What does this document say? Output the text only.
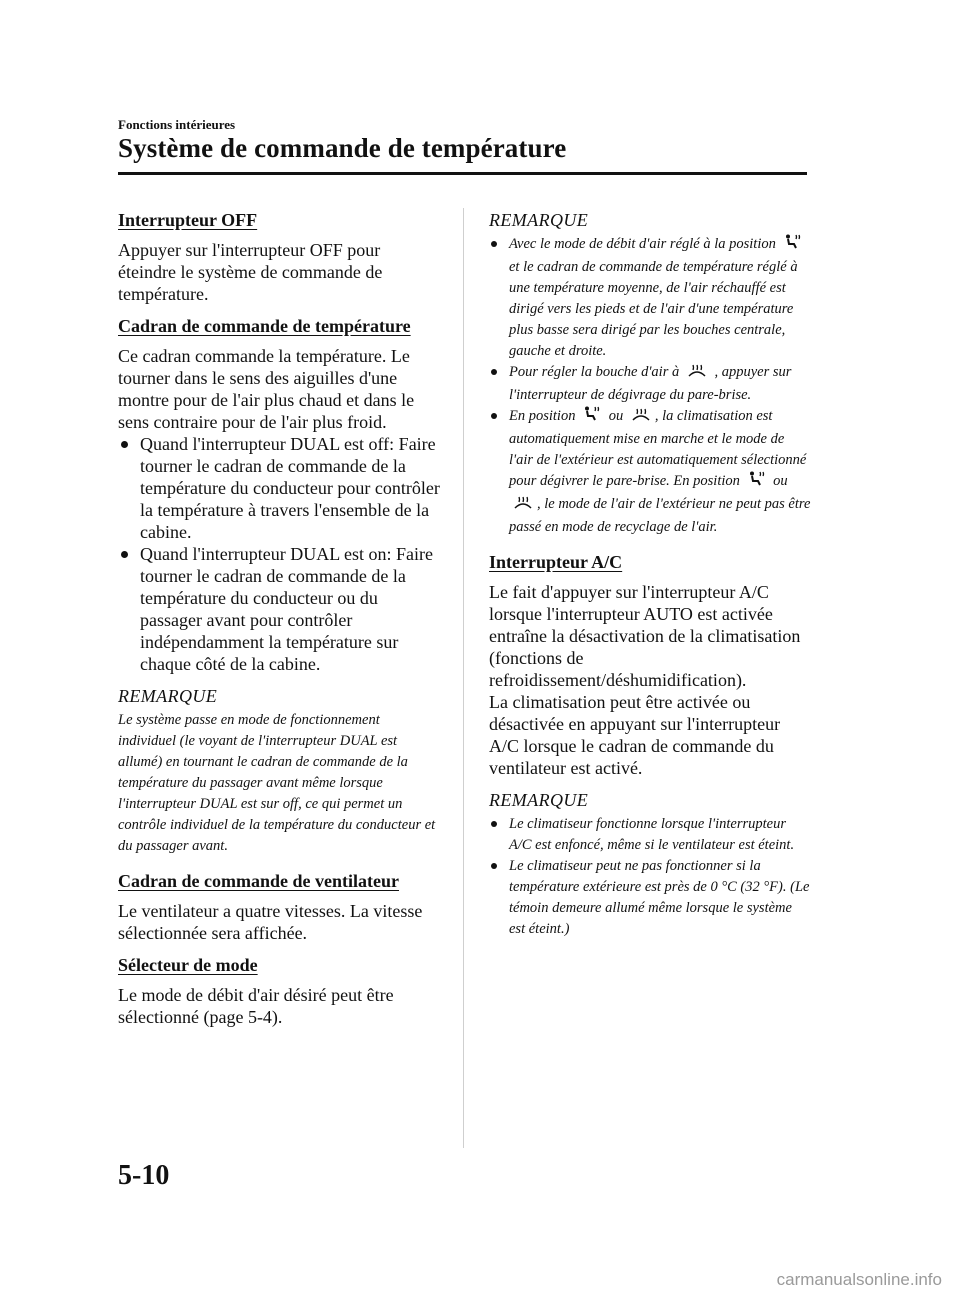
Fonctions intérieures
Système de commande de température
Interrupteur OFF

Appuyer sur l'interrupteur OFF pour éteindre le système de commande de température.

Cadran de commande de température

Ce cadran commande la température. Le tourner dans le sens des aiguilles d'une montre pour de l'air plus chaud et dans le sens contraire pour de l'air plus froid.

Quand l'interrupteur DUAL est off: Faire tourner le cadran de commande de la température du conducteur pour contrôler la température à travers l'ensemble de la cabine.
Quand l'interrupteur DUAL est on: Faire tourner le cadran de commande de la température du conducteur ou du passager avant pour contrôler indépendamment la température sur chaque côté de la cabine.
REMARQUE

Le système passe en mode de fonctionnement individuel (le voyant de l'interrupteur DUAL est allumé) en tournant le cadran de commande de la température du passager avant même lorsque l'interrupteur DUAL est sur off, ce qui permet un contrôle individuel de la température du conducteur et du passager avant.

Cadran de commande de ventilateur

Le ventilateur a quatre vitesses. La vitesse sélectionnée sera affichée.

Sélecteur de mode

Le mode de débit d'air désiré peut être sélectionné (page 5-4).

REMARQUE
Avec le mode de débit d'air réglé à la position  et le cadran de commande de température réglé à une température moyenne, de l'air réchauffé est dirigé vers les pieds et de l'air d'une température plus basse sera dirigé par les bouches centrale, gauche et droite.
Pour régler la bouche d'air à , appuyer sur l'interrupteur de dégivrage du pare-brise.
En position ou , la climatisation est automatiquement mise en marche et le mode de l'air de l'extérieur est automatiquement sélectionné pour dégivrer le pare-brise. En position ou , le mode de l'air de l'extérieur ne peut pas être passé en mode de recyclage de l'air.
Interrupteur A/C

Le fait d'appuyer sur l'interrupteur A/C lorsque l'interrupteur AUTO est activée entraîne la désactivation de la climatisation (fonctions de refroidissement/déshumidification).

La climatisation peut être activée ou désactivée en appuyant sur l'interrupteur A/C lorsque le cadran de commande du ventilateur est activé.

REMARQUE
Le climatiseur fonctionne lorsque l'interrupteur A/C est enfoncé, même si le ventilateur est éteint.
Le climatiseur peut ne pas fonctionner si la température extérieure est près de 0 °C (32 °F). (Le témoin demeure allumé même lorsque le système est éteint.)
5-10
carmanualsonline.info
